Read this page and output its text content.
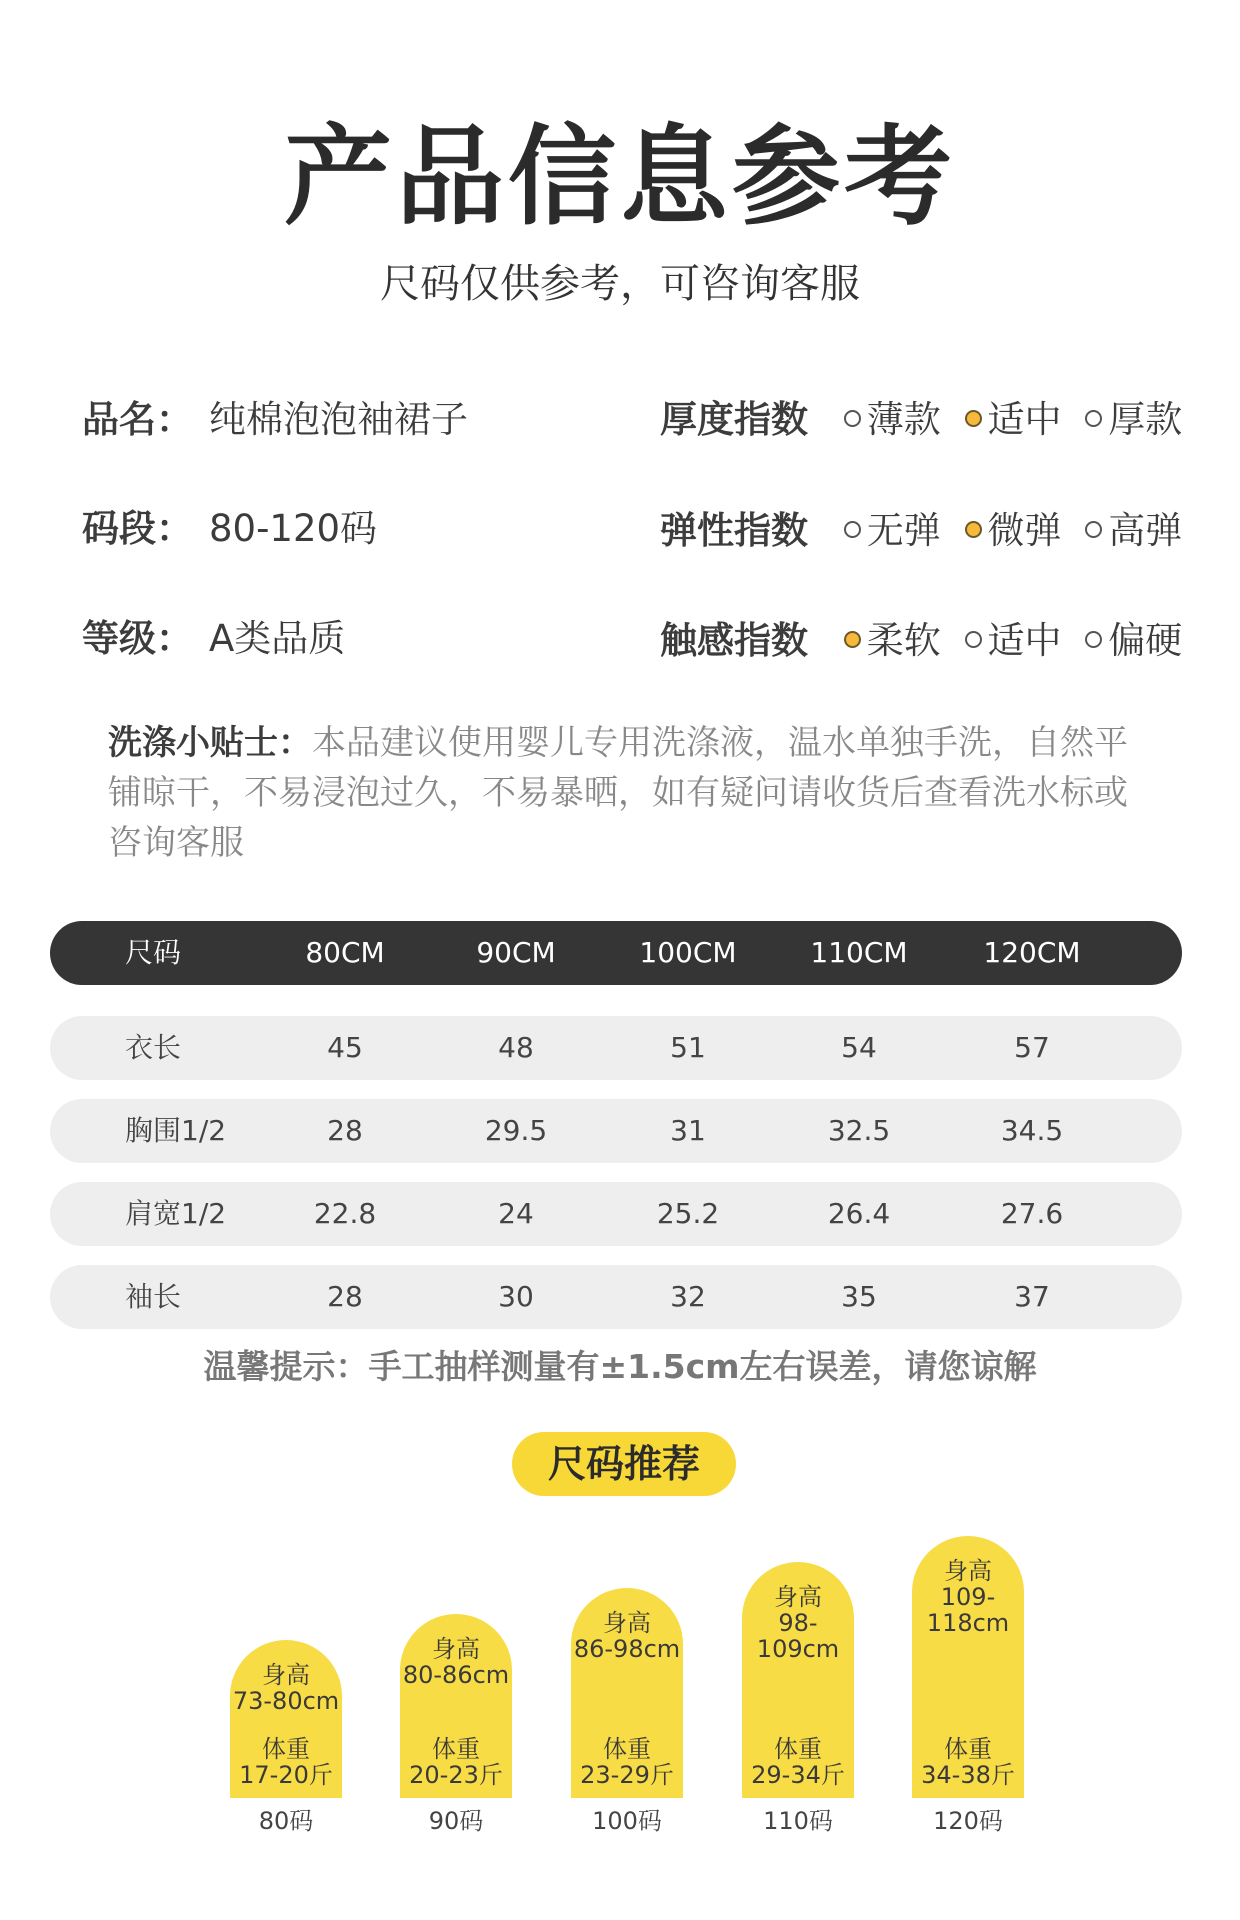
产品信息参考
尺码仅供参考，可咨询客服
品名： 纯棉泡泡袖裙子
码段： 80-120码
等级： A类品质
厚度指数 薄款 适中 厚款
弹性指数 无弹 微弹 高弹
触感指数 柔软 适中 偏硬
洗涤小贴士：本品建议使用婴儿专用洗涤液，温水单独手洗，自然平铺晾干，不易浸泡过久，不易暴晒，如有疑问请收货后查看洗水标或咨询客服
尺码	80CM	90CM	100CM	110CM	120CM
衣长	45	48	51	54	57
胸围1/2	28	29.5	31	32.5	34.5
肩宽1/2	22.8	24	25.2	26.4	27.6
袖长	28	30	32	35	37
温馨提示：手工抽样测量有±1.5cm左右误差，请您谅解
尺码推荐
身高
73-80cm
体重
17-20斤
80码
身高
80-86cm
体重
20-23斤
90码
身高
86-98cm
体重
23-29斤
100码
身高
98-109cm
体重
29-34斤
110码
身高
109-118cm
体重
34-38斤
120码
